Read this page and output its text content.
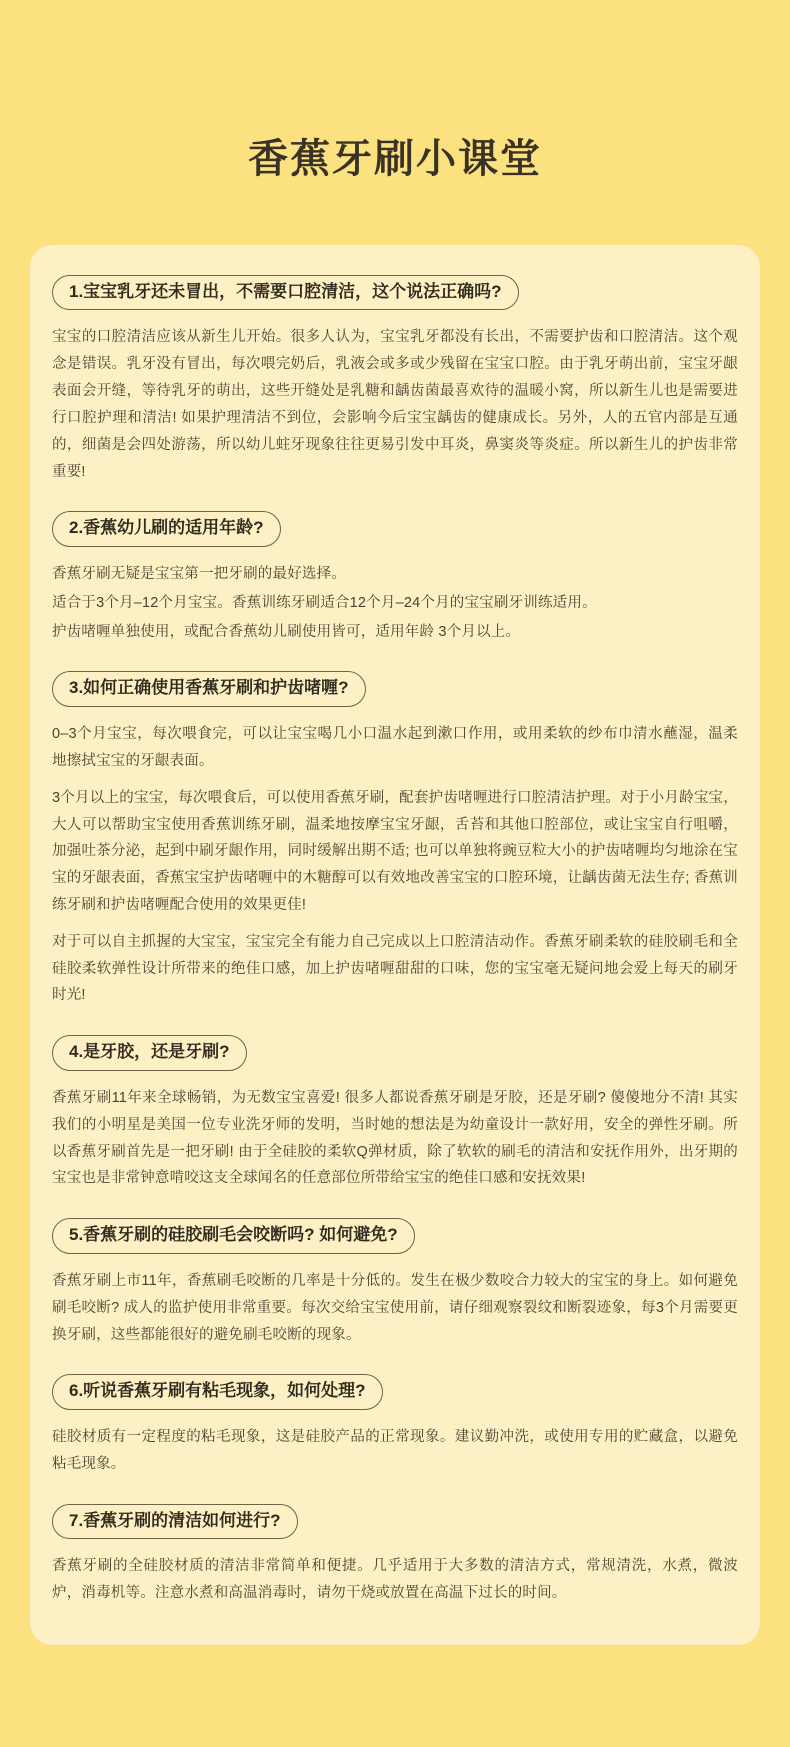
香蕉牙刷小课堂
1.宝宝乳牙还未冒出，不需要口腔清洁，这个说法正确吗?

宝宝的口腔清洁应该从新生儿开始。很多人认为，宝宝乳牙都没有长出，不需要护齿和口腔清洁。这个观念是错误。乳牙没有冒出，每次喂完奶后，乳液会或多或少残留在宝宝口腔。由于乳牙萌出前，宝宝牙龈表面会开缝，等待乳牙的萌出，这些开缝处是乳糖和龋齿菌最喜欢待的温暖小窝，所以新生儿也是需要进行口腔护理和清洁! 如果护理清洁不到位，会影响今后宝宝龋齿的健康成长。另外，人的五官内部是互通的，细菌是会四处游荡，所以幼儿蛀牙现象往往更易引发中耳炎，鼻窦炎等炎症。所以新生儿的护齿非常重要!

2.香蕉幼儿刷的适用年龄?

香蕉牙刷无疑是宝宝第一把牙刷的最好选择。

适合于3个月–12个月宝宝。香蕉训练牙刷适合12个月–24个月的宝宝刷牙训练适用。

护齿啫喱单独使用，或配合香蕉幼儿刷使用皆可，适用年龄 3个月以上。

3.如何正确使用香蕉牙刷和护齿啫喱?

0–3个月宝宝，每次喂食完，可以让宝宝喝几小口温水起到漱口作用，或用柔软的纱布巾清水蘸湿，温柔地擦拭宝宝的牙龈表面。

3个月以上的宝宝，每次喂食后，可以使用香蕉牙刷，配套护齿啫喱进行口腔清洁护理。对于小月龄宝宝，大人可以帮助宝宝使用香蕉训练牙刷，温柔地按摩宝宝牙龈，舌苔和其他口腔部位，或让宝宝自行咀嚼，加强吐茶分泌，起到中刷牙龈作用，同时缓解出期不适; 也可以单独将豌豆粒大小的护齿啫喱均匀地涂在宝宝的牙龈表面，香蕉宝宝护齿啫喱中的木糖醇可以有效地改善宝宝的口腔环境，让龋齿菌无法生存; 香蕉训练牙刷和护齿啫喱配合使用的效果更佳!

对于可以自主抓握的大宝宝，宝宝完全有能力自己完成以上口腔清洁动作。香蕉牙刷柔软的硅胶刷毛和全硅胶柔软弹性设计所带来的绝佳口感，加上护齿啫喱甜甜的口味，您的宝宝毫无疑问地会爱上每天的刷牙时光!

4.是牙胶，还是牙刷?

香蕉牙刷11年来全球畅销，为无数宝宝喜爱! 很多人都说香蕉牙刷是牙胶，还是牙刷? 傻傻地分不清! 其实我们的小明星是美国一位专业洗牙师的发明，当时她的想法是为幼童设计一款好用，安全的弹性牙刷。所以香蕉牙刷首先是一把牙刷! 由于全硅胶的柔软Q弹材质，除了软软的刷毛的清洁和安抚作用外，出牙期的宝宝也是非常钟意啃咬这支全球闻名的任意部位所带给宝宝的绝佳口感和安抚效果!

5.香蕉牙刷的硅胶刷毛会咬断吗? 如何避免?

香蕉牙刷上市11年，香蕉刷毛咬断的几率是十分低的。发生在极少数咬合力较大的宝宝的身上。如何避免刷毛咬断? 成人的监护使用非常重要。每次交给宝宝使用前，请仔细观察裂纹和断裂迹象，每3个月需要更换牙刷，这些都能很好的避免刷毛咬断的现象。

6.听说香蕉牙刷有粘毛现象，如何处理?

硅胶材质有一定程度的粘毛现象，这是硅胶产品的正常现象。建议勤冲洗，或使用专用的贮藏盒，以避免粘毛现象。

7.香蕉牙刷的清洁如何进行?

香蕉牙刷的全硅胶材质的清洁非常简单和便捷。几乎适用于大多数的清洁方式，常规清洗，水煮，微波炉，消毒机等。注意水煮和高温消毒时，请勿干烧或放置在高温下过长的时间。
